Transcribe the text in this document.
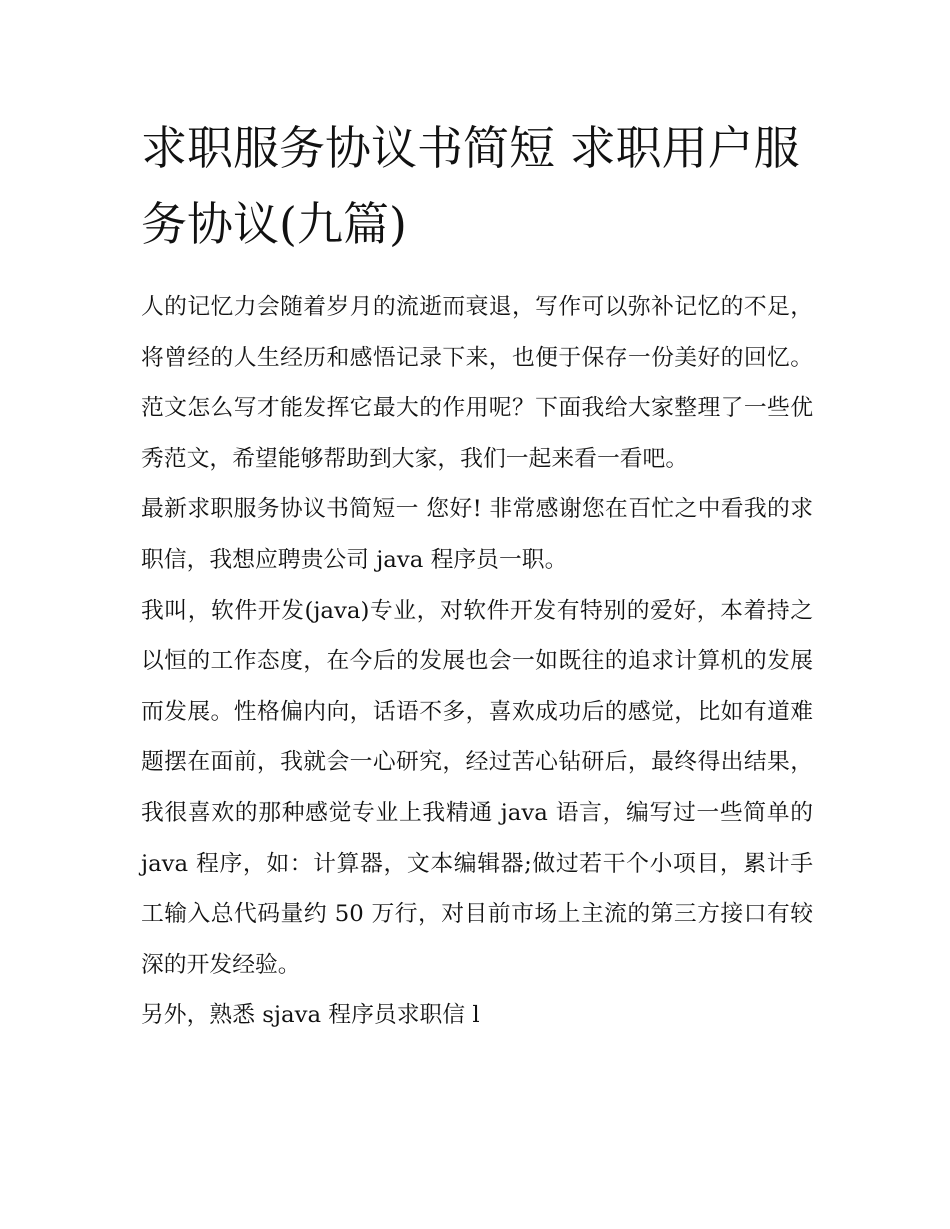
求职服务协议书简短 求职用户服务协议(九篇)

人的记忆力会随着岁月的流逝而衰退，写作可以弥补记忆的不足，将曾经的人生经历和感悟记录下来，也便于保存一份美好的回忆。范文怎么写才能发挥它最大的作用呢？下面我给大家整理了一些优秀范文，希望能够帮助到大家，我们一起来看一看吧。

最新求职服务协议书简短一 您好! 非常感谢您在百忙之中看我的求职信，我想应聘贵公司 java 程序员一职。

我叫，软件开发(java)专业，对软件开发有特别的爱好，本着持之以恒的工作态度，在今后的发展也会一如既往的追求计算机的发展而发展。性格偏内向，话语不多，喜欢成功后的感觉，比如有道难题摆在面前，我就会一心研究，经过苦心钻研后，最终得出结果，我很喜欢的那种感觉专业上我精通 java 语言，编写过一些简单的 java 程序，如：计算器，文本编辑器;做过若干个小项目，累计手工输入总代码量约 50 万行，对目前市场上主流的第三方接口有较深的开发经验。

另外，熟悉 sjava 程序员求职信 l
